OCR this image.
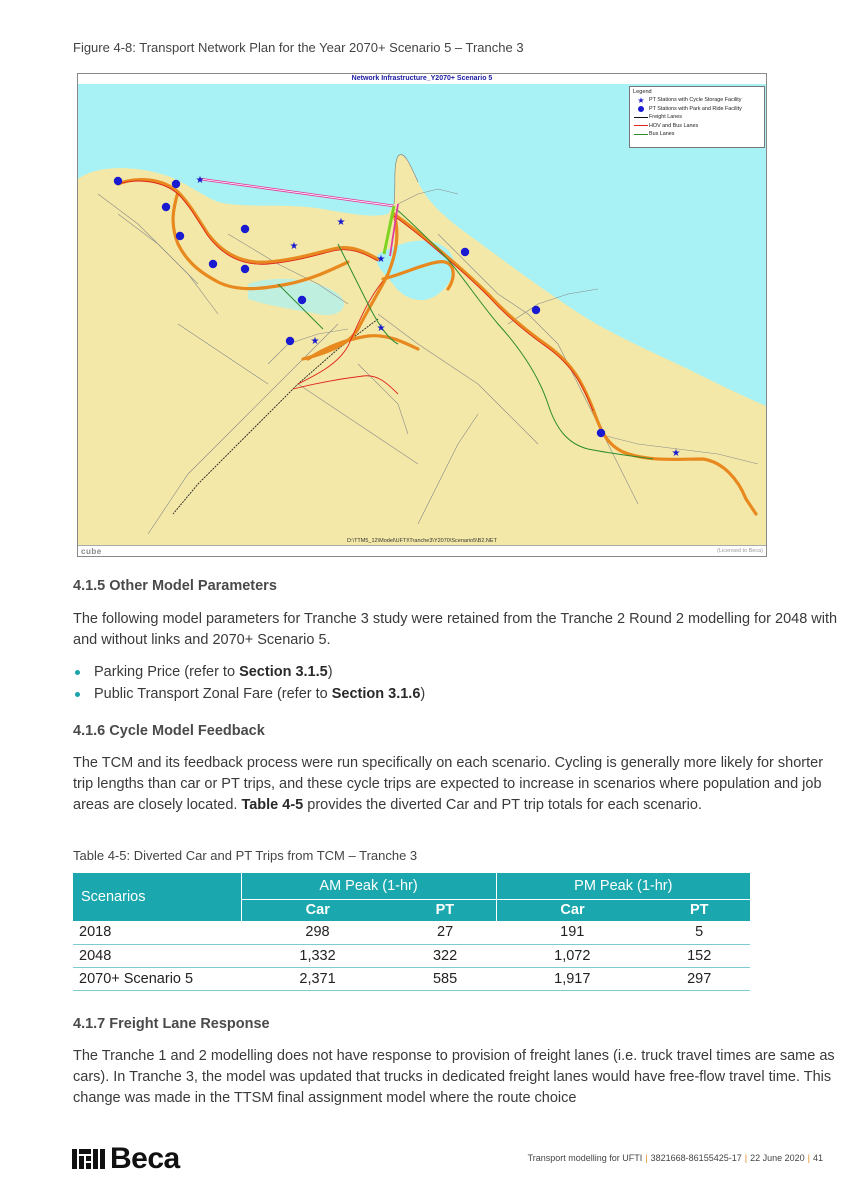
Figure 4-8: Transport Network Plan for the Year 2070+ Scenario 5 – Tranche 3
Network Infrastructure_Y2070+ Scenario 5
★
★
★
★
★
★
★
Legend
★ PT Stations with Cycle Storage Facility
PT Stations with Park and Ride Facility
Freight Lanes
HOV and Bus Lanes
Bus Lanes
D:\TTM5_12\Model\UFTI\Tranche3\Y2070\Scenario5\B2.NET
cube	(Licensed to Beca)
4.1.5 Other Model Parameters
The following model parameters for Tranche 3 study were retained from the Tranche 2 Round 2 modelling for 2048 with and without links and 2070+ Scenario 5.
Parking Price (refer to Section 3.1.5)
Public Transport Zonal Fare (refer to Section 3.1.6)
4.1.6 Cycle Model Feedback
The TCM and its feedback process were run specifically on each scenario. Cycling is generally more likely for shorter trip lengths than car or PT trips, and these cycle trips are expected to increase in scenarios where population and job areas are closely located. Table 4-5 provides the diverted Car and PT trip totals for each scenario.
Table 4-5: Diverted Car and PT Trips from TCM – Tranche 3
Scenarios	AM Peak (1-hr)		PM Peak (1-hr)	
	Car	PT	Car	PT
2018	298	27	191	5
2048	1,332	322	1,072	152
2070+ Scenario 5	2,371	585	1,917	297
4.1.7 Freight Lane Response
The Tranche 1 and 2 modelling does not have response to provision of freight lanes (i.e. truck travel times are same as cars). In Tranche 3, the model was updated that trucks in dedicated freight lanes would have free-flow travel time. This change was made in the TTSM final assignment model where the route choice
Beca	Transport modelling for UFTI | 3821668-86155425-17 | 22 June 2020 | 41
